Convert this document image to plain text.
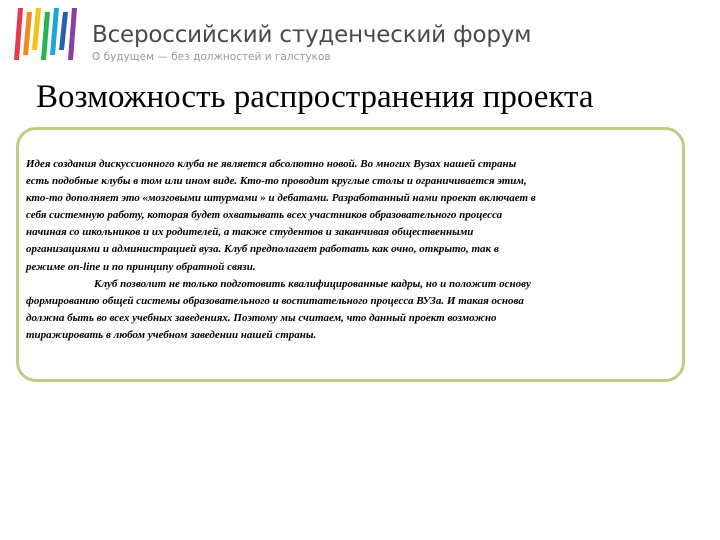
Всероссийский студенческий форум
О будущем — без должностей и галстуков
Возможность распространения проекта
Идея создания дискуссионного клуба не является абсолютно новой. Во многих Вузах нашей страны
есть подобные клубы в том или ином виде. Кто-то проводит круглые столы и ограничивается этим,
кто-то дополняет это «мозговыми штурмами » и дебатами. Разработанный нами проект включает в
себя системную работу, которая будет охватывать всех участников образовательного процесса
начиная со школьников и их родителей, а также студентов и заканчивая общественными
организациями и администрацией вуза. Клуб предполагает работать как очно, открыто, так в
режиме on-line и по принципу обратной связи.
Клуб позволит не только подготовить квалифицированные кадры, но и положит основу
формированию общей системы образовательного и воспитательного процесса ВУЗа. И такая основа
должна быть во всех учебных заведениях. Поэтому мы считаем, что данный проект возможно
тиражировать в любом учебном заведении нашей страны.
